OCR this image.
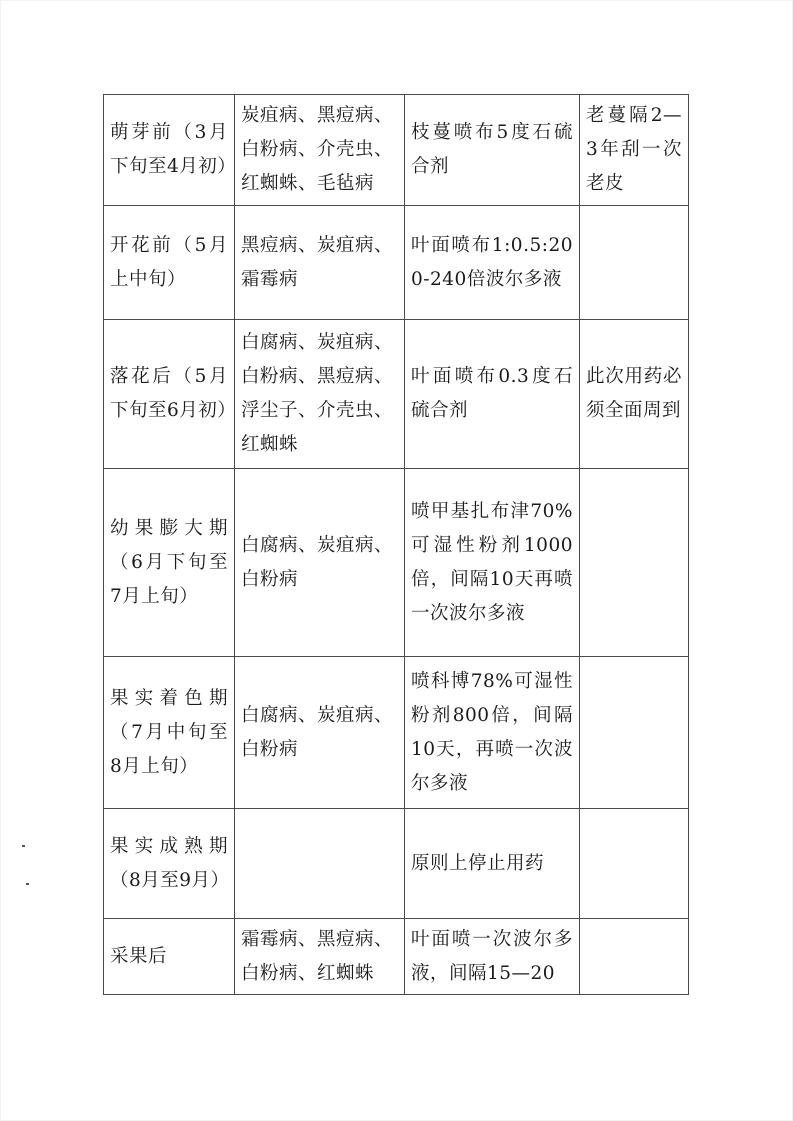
萌芽前（3月下旬至4月初）	炭疽病、黑痘病、白粉病、介壳虫、红蜘蛛、毛毡病	枝蔓喷布5度石硫合剂	老蔓隔2—3年刮一次老皮
开花前（5月上中旬）	黑痘病、炭疽病、霜霉病	叶面喷布1:0.5:200-240倍波尔多液	
落花后（5月下旬至6月初）	白腐病、炭疽病、白粉病、黑痘病、浮尘子、介壳虫、红蜘蛛	叶面喷布0.3度石硫合剂	此次用药必须全面周到
幼果膨大期（6月下旬至7月上旬）	白腐病、炭疽病、白粉病	喷甲基扎布津70%可湿性粉剂1000倍，间隔10天再喷一次波尔多液	
果实着色期（7月中旬至8月上旬）	白腐病、炭疽病、白粉病	喷科博78%可湿性粉剂800倍，间隔10天，再喷一次波尔多液	
果实成熟期（8月至9月）		原则上停止用药	
采果后	霜霉病、黑痘病、白粉病、红蜘蛛	叶面喷一次波尔多液，间隔15—20	
